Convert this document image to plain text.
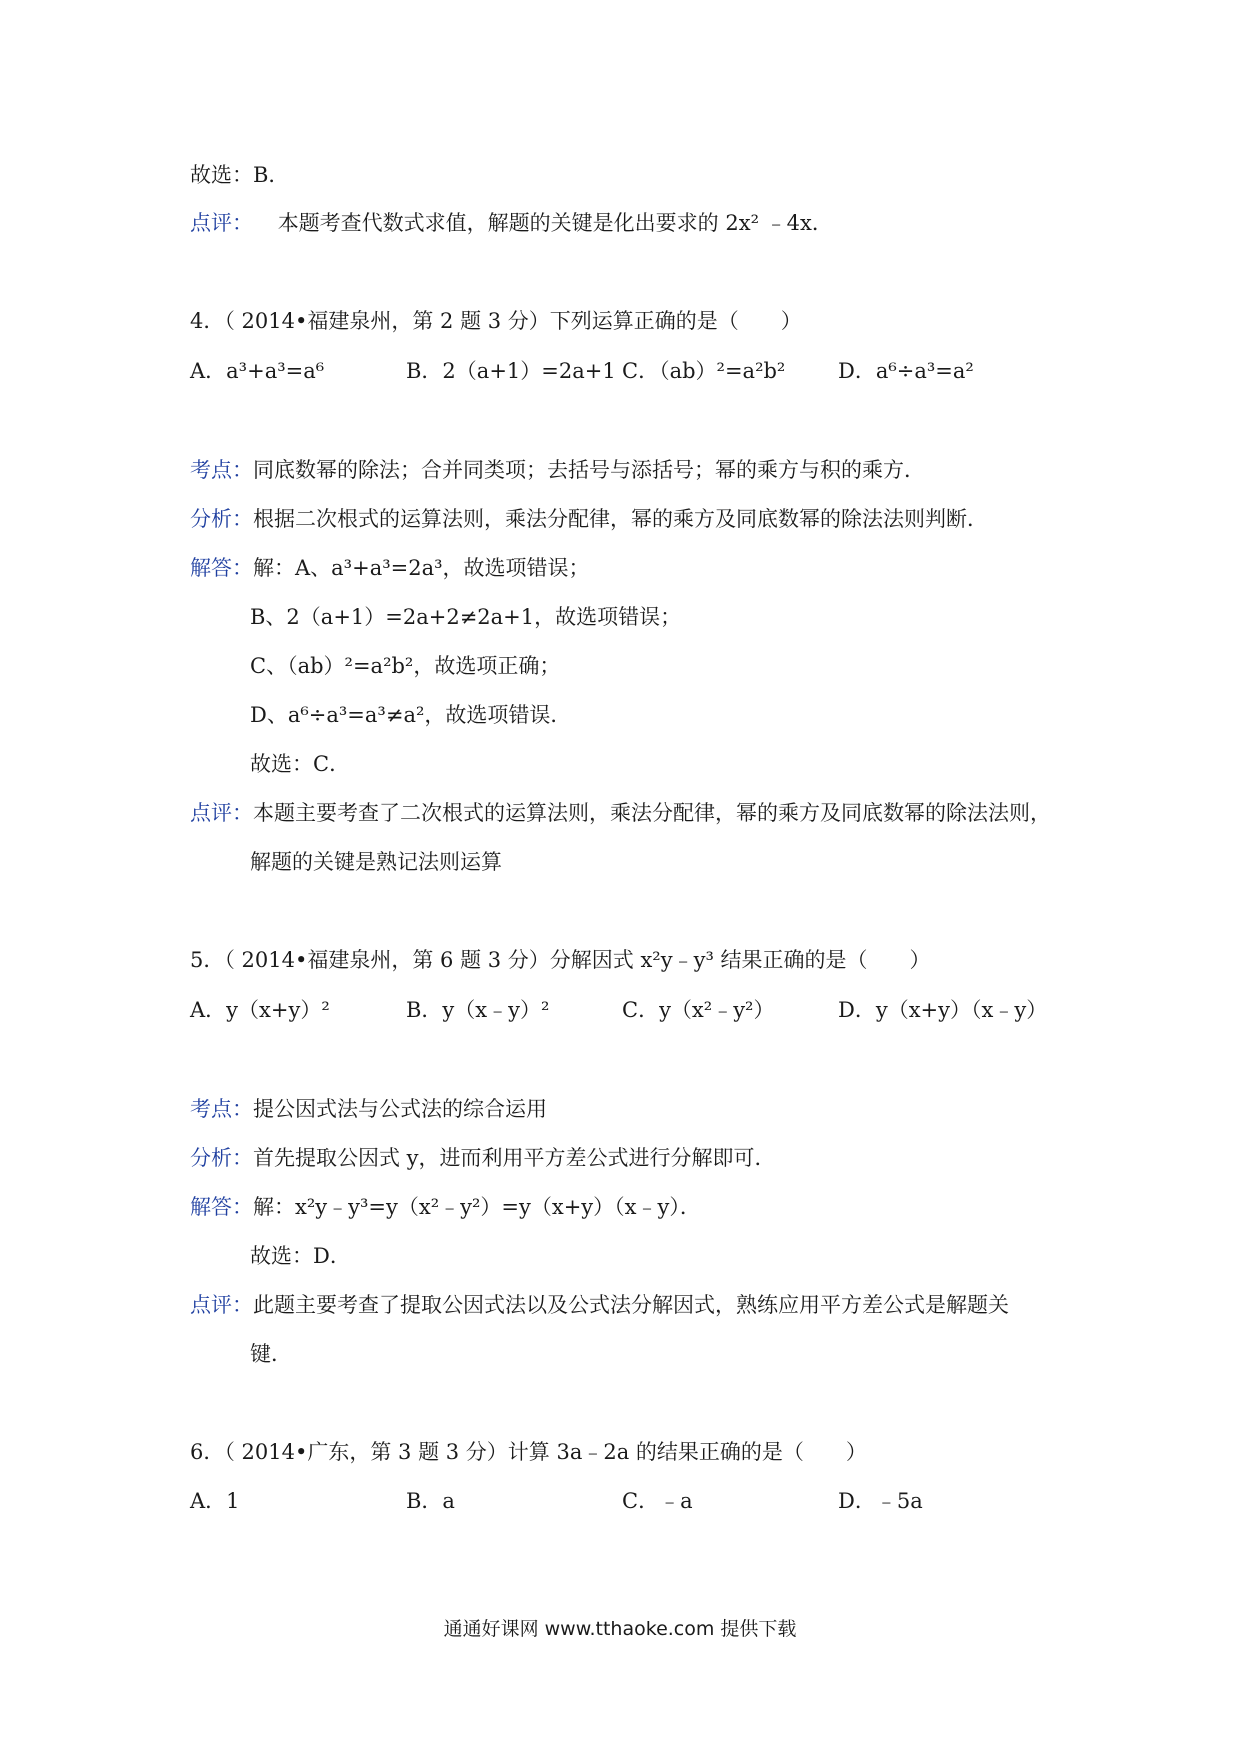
故选：B．
点评： 本题考查代数式求值，解题的关键是化出要求的 2x² ﹣4x．
4．（ 2014•福建泉州，第 2 题 3 分）下列运算正确的是（　　）
A．a³+a³=a⁶	B．2（a+1）=2a+1 C．（ab）²=a²b²	D．a⁶÷a³=a²
考点：同底数幂的除法；合并同类项；去括号与添括号；幂的乘方与积的乘方．
分析：根据二次根式的运算法则，乘法分配律，幂的乘方及同底数幂的除法法则判断．
解答：解：A、a³+a³=2a³，故选项错误；
B、2（a+1）=2a+2≠2a+1，故选项错误；
C、（ab）²=a²b²，故选项正确；
D、a⁶÷a³=a³≠a²，故选项错误．
故选：C．
点评：本题主要考查了二次根式的运算法则，乘法分配律，幂的乘方及同底数幂的除法法则，
解题的关键是熟记法则运算
5．（ 2014•福建泉州，第 6 题 3 分）分解因式 x²y﹣y³ 结果正确的是（　　）
A．y（x+y）²	B．y（x﹣y）²	C．y（x²﹣y²）	D．y（x+y）（x﹣y）
考点：提公因式法与公式法的综合运用
分析：首先提取公因式 y，进而利用平方差公式进行分解即可．
解答：解：x²y﹣y³=y（x²﹣y²）=y（x+y）（x﹣y）．
故选：D．
点评：此题主要考查了提取公因式法以及公式法分解因式，熟练应用平方差公式是解题关
键．
6．（ 2014•广东，第 3 题 3 分）计算 3a﹣2a 的结果正确的是（　　）
A．1	B．a	C．﹣a	D．﹣5a
通通好课网 www.tthaoke.com 提供下载
